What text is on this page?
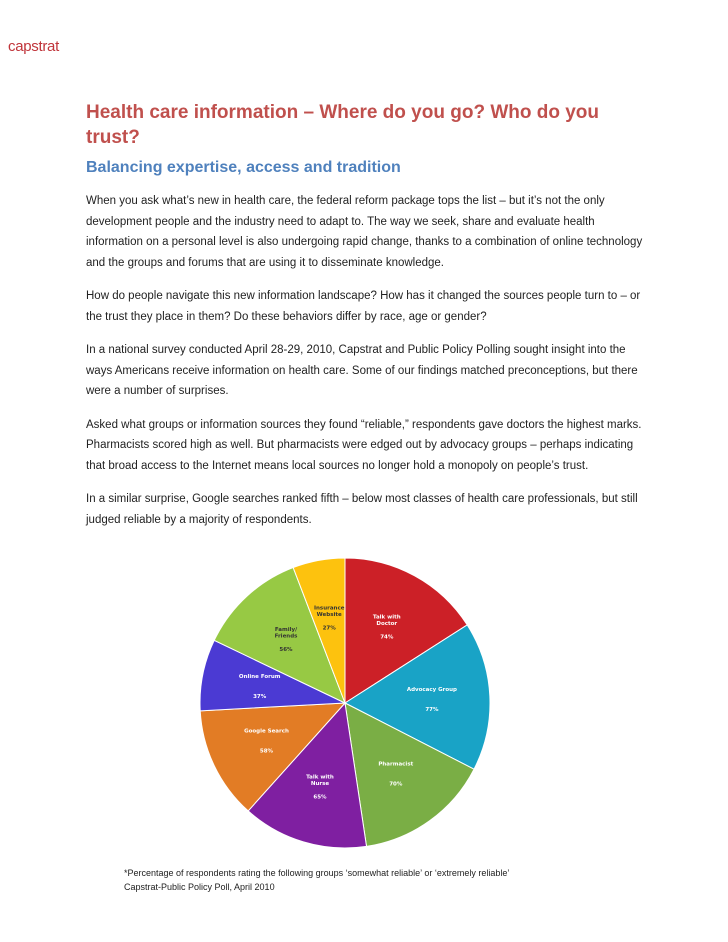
capstrat
Health care information – Where do you go? Who do you trust?
Balancing expertise, access and tradition

When you ask what’s new in health care, the federal reform package tops the list – but it’s not the only development people and the industry need to adapt to. The way we seek, share and evaluate health information on a personal level is also undergoing rapid change, thanks to a combination of online technology and the groups and forums that are using it to disseminate knowledge.

How do people navigate this new information landscape? How has it changed the sources people turn to – or the trust they place in them? Do these behaviors differ by race, age or gender?

In a national survey conducted April 28-29, 2010, Capstrat and Public Policy Polling sought insight into the ways Americans receive information on health care. Some of our findings matched preconceptions, but there were a number of surprises.

Asked what groups or information sources they found “reliable,” respondents gave doctors the highest marks. Pharmacists scored high as well. But pharmacists were edged out by advocacy groups – perhaps indicating that broad access to the Internet means local sources no longer hold a monopoly on people’s trust.

In a similar surprise, Google searches ranked fifth – below most classes of health care professionals, but still judged reliable by a majority of respondents.

Talk with Doctor
74%
Advocacy Group
77%
Pharmacist
70%
Talk with Nurse
65%
Google Search
58%
Online Forum
37%
Family/ Friends
56%
Insurance Website
27%
*Percentage of respondents rating the following groups ‘somewhat reliable’ or ‘extremely reliable’
Capstrat-Public Policy Poll, April 2010
